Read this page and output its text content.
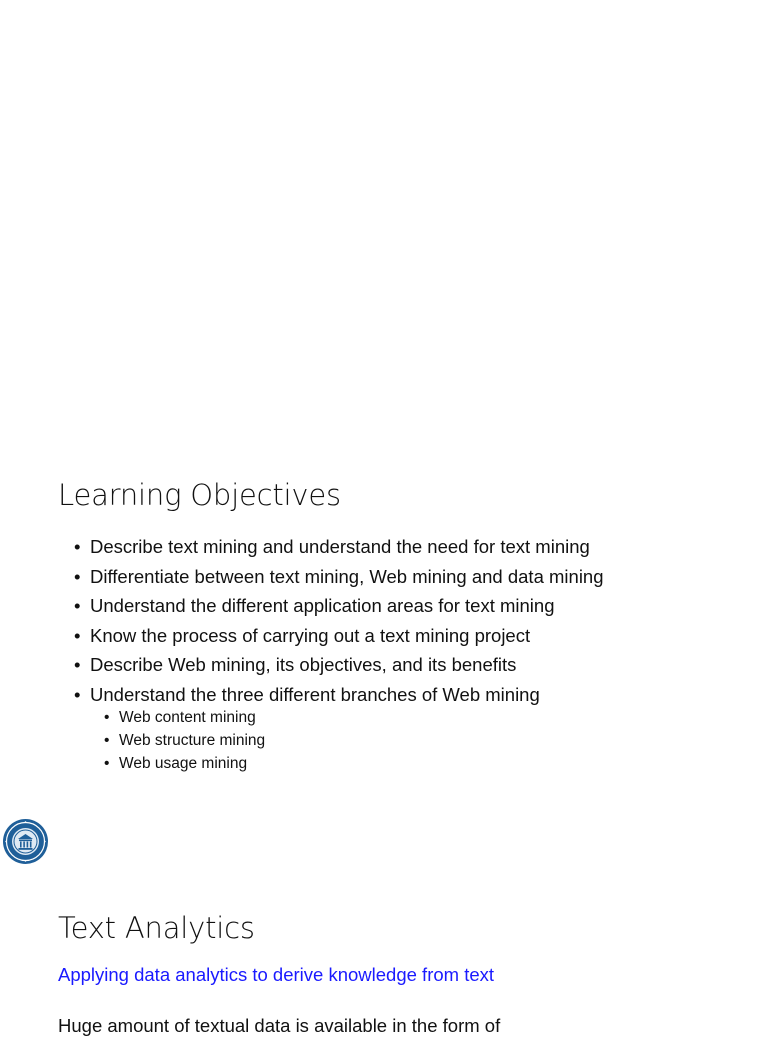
Learning Objectives
• Describe text mining and understand the need for text mining
• Differentiate between text mining, Web mining and data mining
• Understand the different application areas for text mining
• Know the process of carrying out a text mining project
• Describe Web mining, its objectives, and its benefits
• Understand the three different branches of Web mining
• Web content mining
• Web structure mining
• Web usage mining
Text Analytics

Applying data analytics to derive knowledge from text

Huge amount of textual data is available in the form of
